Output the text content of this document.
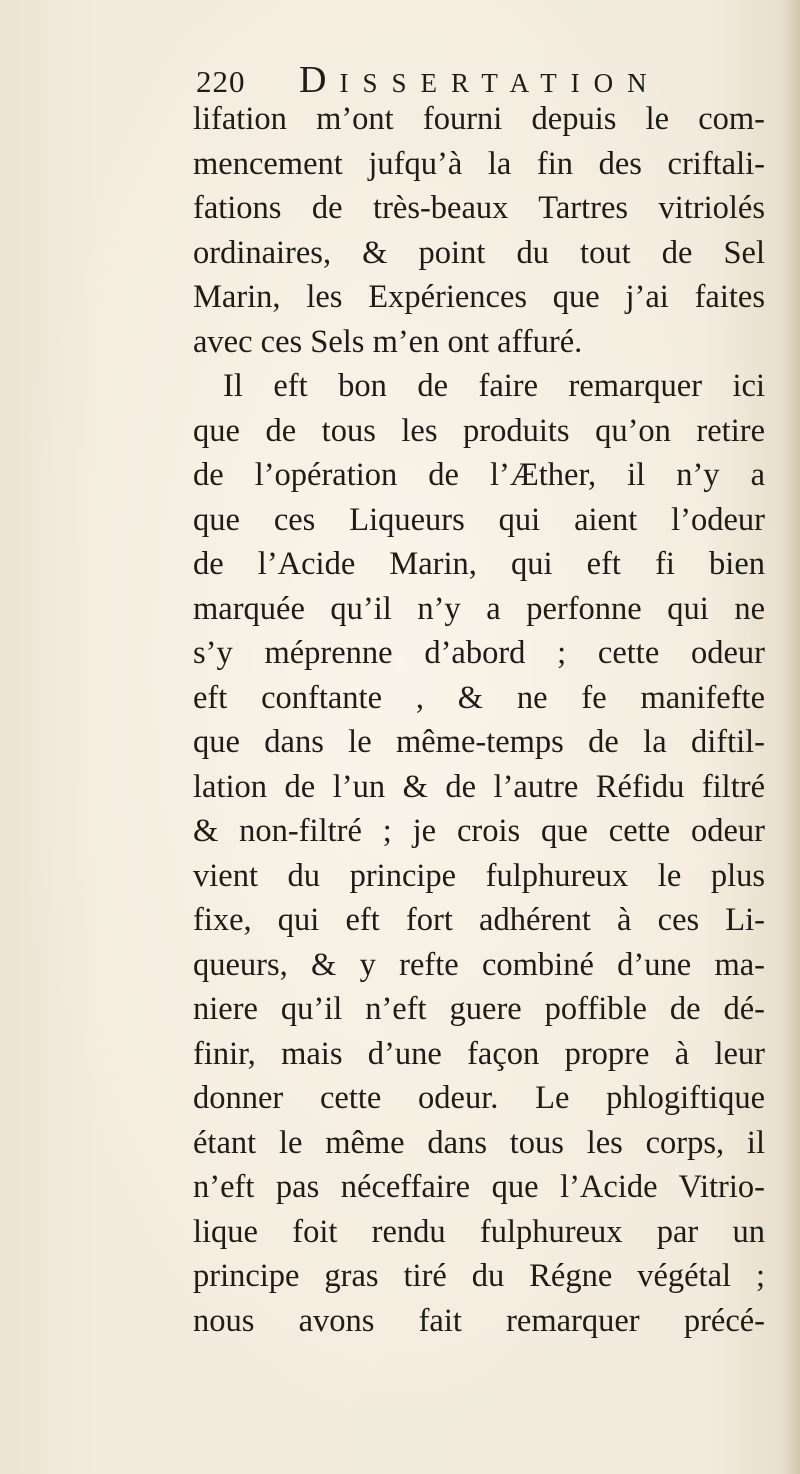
220 DISSERTATION
lifation m’ont fourni depuis le com-
mencement jufqu’à la fin des criftali-
fations de très-beaux Tartres vitriolés
ordinaires, & point du tout de Sel
Marin, les Expériences que j’ai faites
avec ces Sels m’en ont affuré.
Il eft bon de faire remarquer ici
que de tous les produits qu’on retire
de l’opération de l’Æther, il n’y a
que ces Liqueurs qui aient l’odeur
de l’Acide Marin, qui eft fi bien
marquée qu’il n’y a perfonne qui ne
s’y méprenne d’abord ; cette odeur
eft conftante , & ne fe manifefte
que dans le même-temps de la diftil-
lation de l’un & de l’autre Réfidu filtré
& non-filtré ; je crois que cette odeur
vient du principe fulphureux le plus
fixe, qui eft fort adhérent à ces Li-
queurs, & y refte combiné d’une ma-
niere qu’il n’eft guere poffible de dé-
finir, mais d’une façon propre à leur
donner cette odeur. Le phlogiftique
étant le même dans tous les corps, il
n’eft pas néceffaire que l’Acide Vitrio-
lique foit rendu fulphureux par un
principe gras tiré du Régne végétal ;
nous avons fait remarquer précé-
